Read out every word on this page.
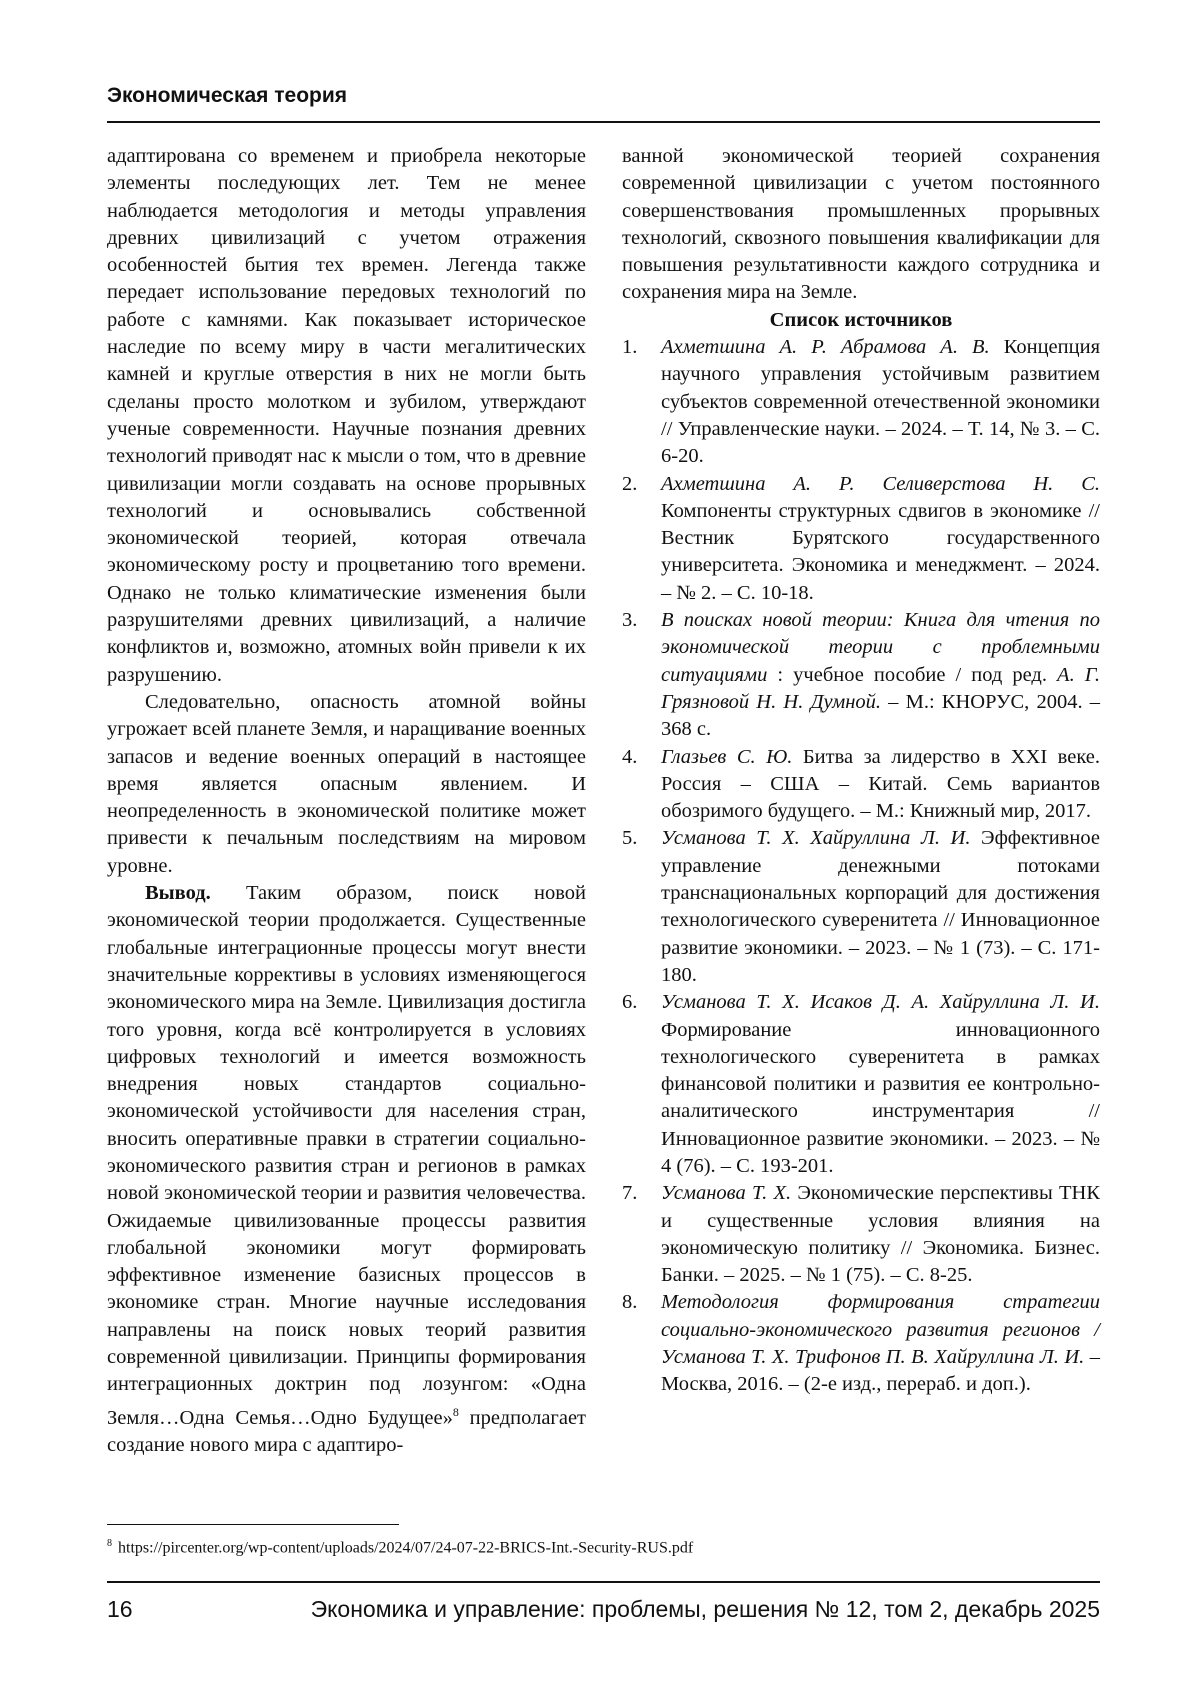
Экономическая теория

адаптирована со временем и приобрела некоторые элементы последующих лет. Тем не менее наблюдается методология и методы управления древних цивилизаций с учетом отражения особенностей бытия тех времен. Легенда также передает использование передовых технологий по работе с камнями. Как показывает историческое наследие по всему миру в части мегалитических камней и круглые отверстия в них не могли быть сделаны просто молотком и зубилом, утверждают ученые современности. Научные познания древних технологий приводят нас к мысли о том, что в древние цивилизации могли создавать на основе прорывных технологий и основывались собственной экономической теорией, которая отвечала экономическому росту и процветанию того времени. Однако не только климатические изменения были разрушителями древних цивилизаций, а наличие конфликтов и, возможно, атомных войн привели к их разрушению.

Следовательно, опасность атомной войны угрожает всей планете Земля, и наращивание военных запасов и ведение военных операций в настоящее время является опасным явлением. И неопределенность в экономической политике может привести к печальным последствиям на мировом уровне.

Вывод. Таким образом, поиск новой экономической теории продолжается. Существенные глобальные интеграционные процессы могут внести значительные коррективы в условиях изменяющегося экономического мира на Земле. Цивилизация достигла того уровня, когда всё контролируется в условиях цифровых технологий и имеется возможность внедрения новых стандартов социально-экономической устойчивости для населения стран, вносить оперативные правки в стратегии социально-экономического развития стран и регионов в рамках новой экономической теории и развития человечества. Ожидаемые цивилизованные процессы развития глобальной экономики могут формировать эффективное изменение базисных процессов в экономике стран. Многие научные исследования направлены на поиск новых теорий развития современной цивилизации. Принципы формирования интеграционных доктрин под лозунгом: «Одна Земля…Одна Семья…Одно Будущее»8 предполагает создание нового мира с адаптиро-

ванной экономической теорией сохранения современной цивилизации с учетом постоянного совершенствования промышленных прорывных технологий, сквозного повышения квалификации для повышения результативности каждого сотрудника и сохранения мира на Земле.

Список источников

1. Ахметшина А. Р. Абрамова А. В. Концепция научного управления устойчивым развитием субъектов современной отечественной экономики // Управленческие науки. – 2024. – Т. 14, № 3. – С. 6-20.
2. Ахметшина А. Р. Селиверстова Н. С. Компоненты структурных сдвигов в экономике // Вестник Бурятского государственного университета. Экономика и менеджмент. – 2024. – № 2. – С. 10-18.
3. В поисках новой теории: Книга для чтения по экономической теории с проблемными ситуациями : учебное пособие / под ред. А. Г. Грязновой Н. Н. Думной. – М.: КНОРУС, 2004. – 368 с.
4. Глазьев С. Ю. Битва за лидерство в XXI веке. Россия – США – Китай. Семь вариантов обозримого будущего. – М.: Книжный мир, 2017.
5. Усманова Т. Х. Хайруллина Л. И. Эффективное управление денежными потоками транснациональных корпораций для достижения технологического суверенитета // Инновационное развитие экономики. – 2023. – № 1 (73). – С. 171-180.
6. Усманова Т. Х. Исаков Д. А. Хайруллина Л. И. Формирование инновационного технологического суверенитета в рамках финансовой политики и развития ее контрольно-аналитического инструментария // Инновационное развитие экономики. – 2023. – № 4 (76). – С. 193-201.
7. Усманова Т. Х. Экономические перспективы ТНК и существенные условия влияния на экономическую политику // Экономика. Бизнес. Банки. – 2025. – № 1 (75). – С. 8-25.
8. Методология формирования стратегии социально-экономического развития регионов / Усманова Т. Х. Трифонов П. В. Хайруллина Л. И. – Москва, 2016. – (2-е изд., перераб. и доп.).
8 https://pircenter.org/wp-content/uploads/2024/07/24-07-22-BRICS-Int.-Security-RUS.pdf
16	Экономика и управление: проблемы, решения № 12, том 2, декабрь 2025
